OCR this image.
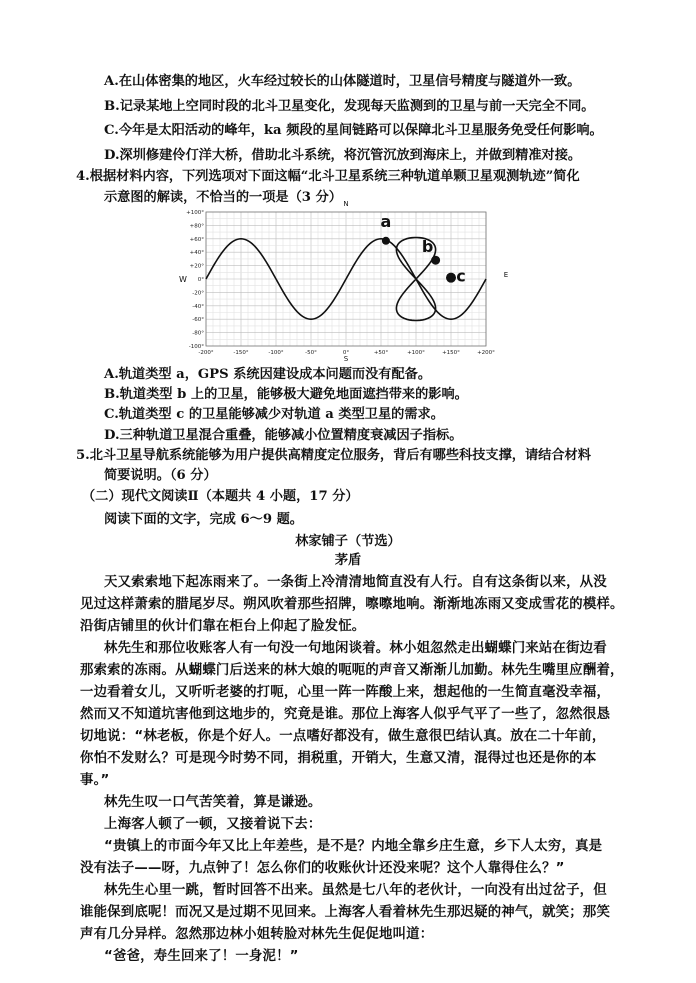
A.在山体密集的地区，火车经过较长的山体隧道时，卫星信号精度与隧道外一致。
B.记录某地上空同时段的北斗卫星变化，发现每天监测到的卫星与前一天完全不同。
C.今年是太阳活动的峰年，ka 频段的星间链路可以保障北斗卫星服务免受任何影响。
D.深圳修建伶仃洋大桥，借助北斗系统，将沉管沉放到海床上，并做到精准对接。
4.根据材料内容，下列选项对下面这幅“北斗卫星系统三种轨道单颗卫星观测轨迹”简化
示意图的解读，不恰当的一项是（3 分）
-200°	-150°	-100°	-50°	0°	+50°	+100°	+150°	+200°
+100°
+80°
+60°
+40°
+20°
0°
-20°
-40°
-60°
-80°
-100°
N
S
W	E
a
b
c
A.轨道类型 a，GPS 系统因建设成本问题而没有配备。
B.轨道类型 b 上的卫星，能够极大避免地面遮挡带来的影响。
C.轨道类型 c 的卫星能够减少对轨道 a 类型卫星的需求。
D.三种轨道卫星混合重叠，能够减小位置精度衰减因子指标。
5.北斗卫星导航系统能够为用户提供高精度定位服务，背后有哪些科技支撑，请结合材料
简要说明。（6 分）
（二）现代文阅读Ⅱ（本题共 4 小题，17 分）
阅读下面的文字，完成 6～9 题。
林家铺子（节选）
茅盾
天又索索地下起冻雨来了。一条街上冷清清地简直没有人行。自有这条街以来，从没
见过这样萧索的腊尾岁尽。朔风吹着那些招牌，嚓嚓地响。渐渐地冻雨又变成雪花的模样。
沿街店铺里的伙计们靠在柜台上仰起了脸发怔。
林先生和那位收账客人有一句没一句地闲谈着。林小姐忽然走出蝴蝶门来站在街边看
那索索的冻雨。从蝴蝶门后送来的林大娘的呃呃的声音又渐渐儿加勤。林先生嘴里应酬着，
一边看着女儿，又听听老婆的打呃，心里一阵一阵酸上来，想起他的一生简直毫没幸福，
然而又不知道坑害他到这地步的，究竟是谁。那位上海客人似乎气平了一些了，忽然很恳
切地说：“林老板，你是个好人。一点嗜好都没有，做生意很巴结认真。放在二十年前，
你怕不发财么？可是现今时势不同，捐税重，开销大，生意又清，混得过也还是你的本
事。”
林先生叹一口气苦笑着，算是谦逊。
上海客人顿了一顿，又接着说下去：
“贵镇上的市面今年又比上年差些，是不是？内地全靠乡庄生意，乡下人太穷，真是
没有法子——呀，九点钟了！怎么你们的收账伙计还没来呢？这个人靠得住么？”
林先生心里一跳，暂时回答不出来。虽然是七八年的老伙计，一向没有出过岔子，但
谁能保到底呢！而况又是过期不见回来。上海客人看着林先生那迟疑的神气，就笑；那笑
声有几分异样。忽然那边林小姐转脸对林先生促促地叫道：
“爸爸，寿生回来了！一身泥！”
